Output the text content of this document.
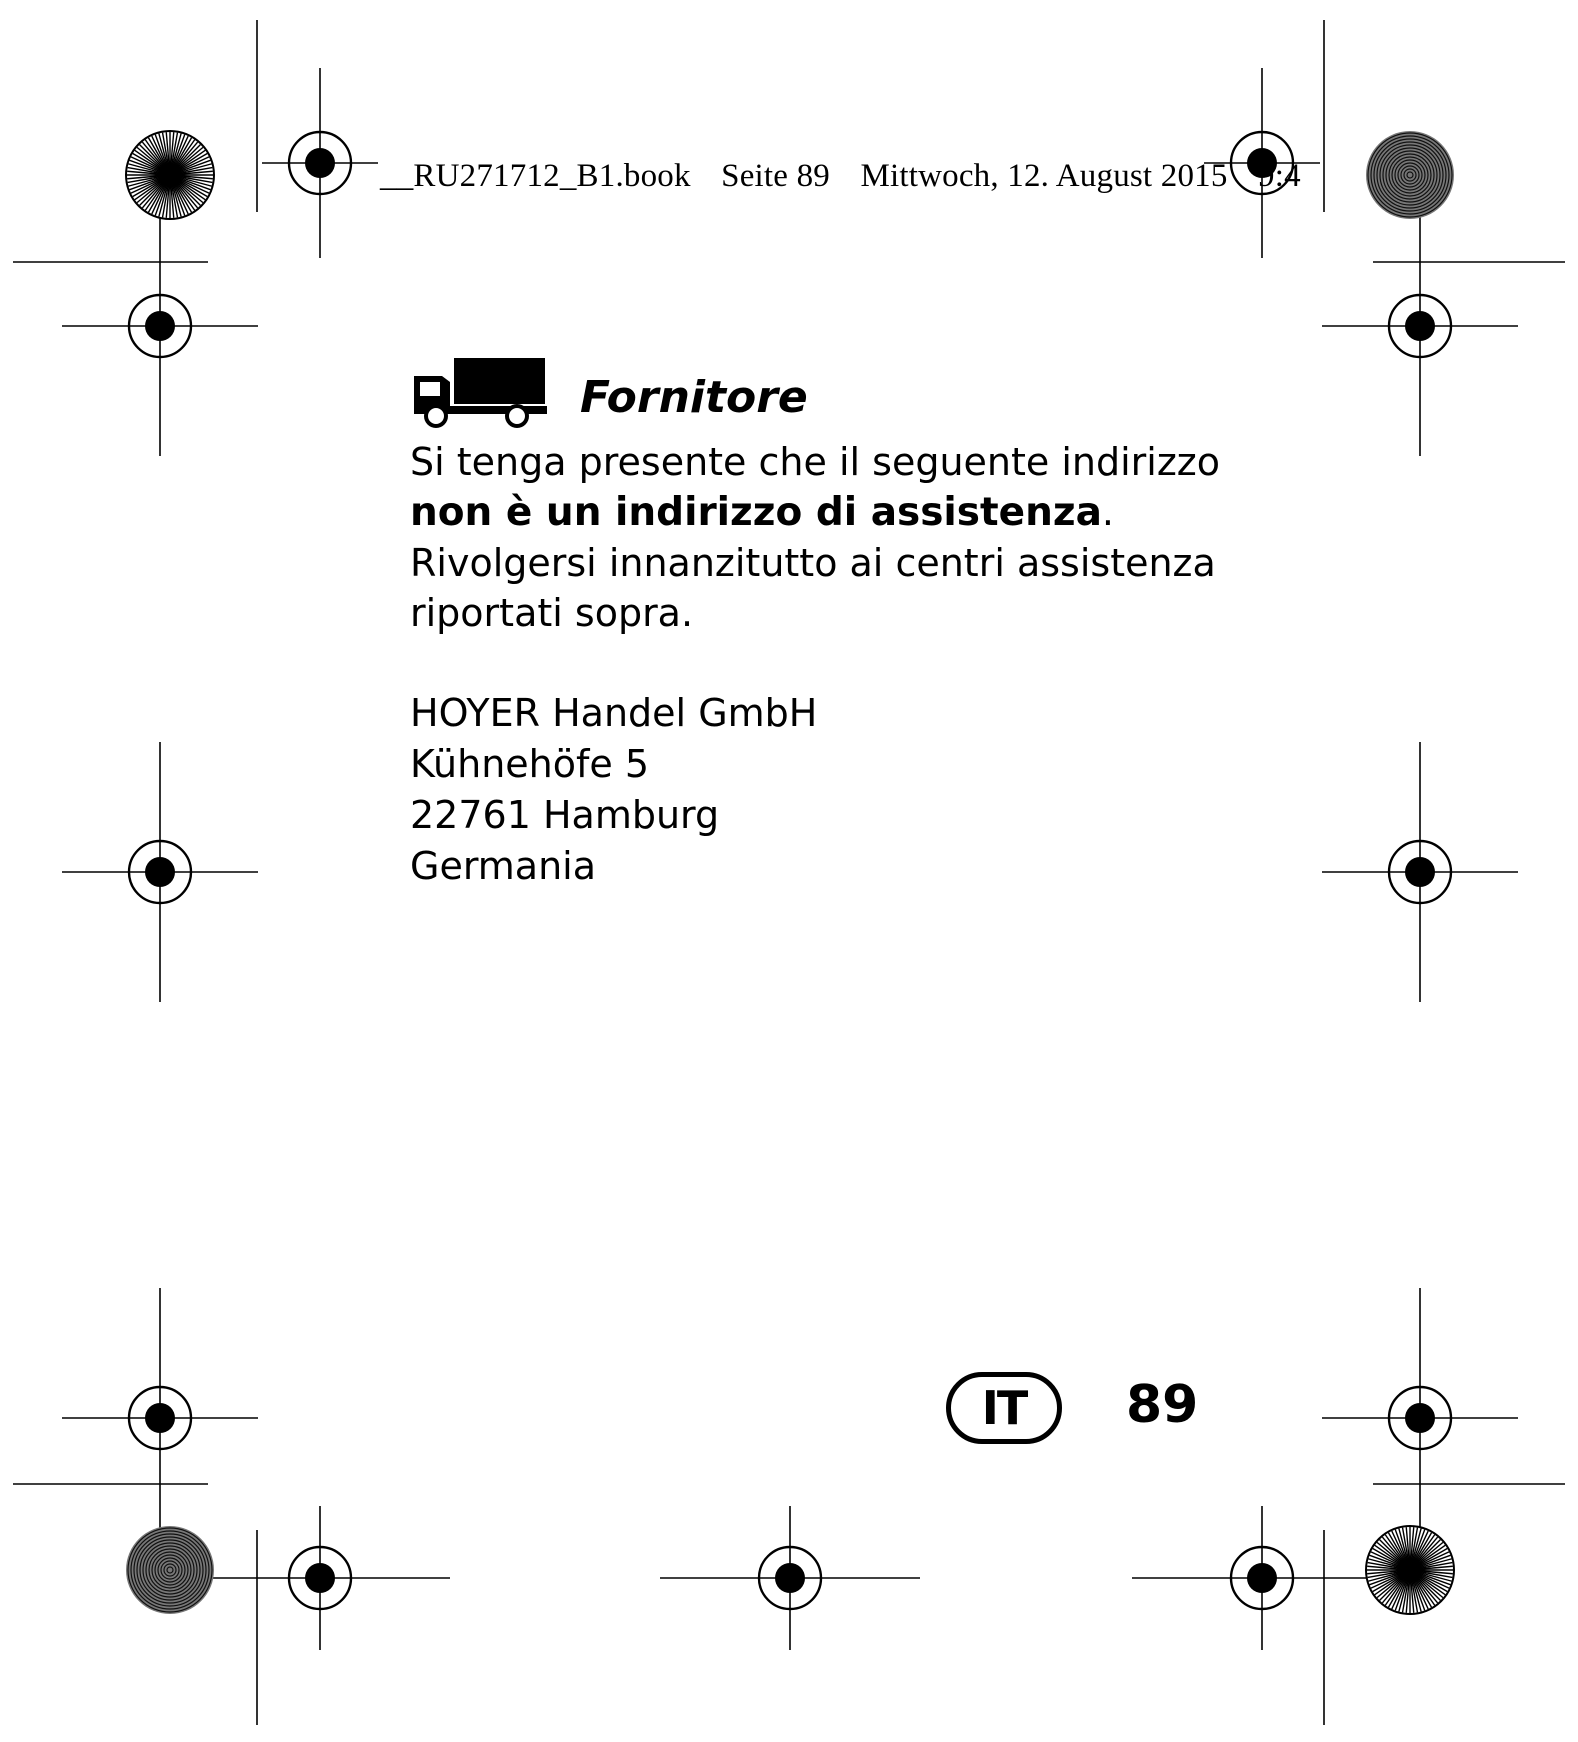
__RU271712_B1.book Seite 89 Mittwoch, 12. August 2015 9:4
Fornitore

Si tenga presente che il seguente indirizzo

non è un indirizzo di assistenza.

Rivolgersi innanzitutto ai centri assistenza

riportati sopra.

HOYER Handel GmbH

Kühnehöfe 5

22761 Hamburg

Germania

IT	89
